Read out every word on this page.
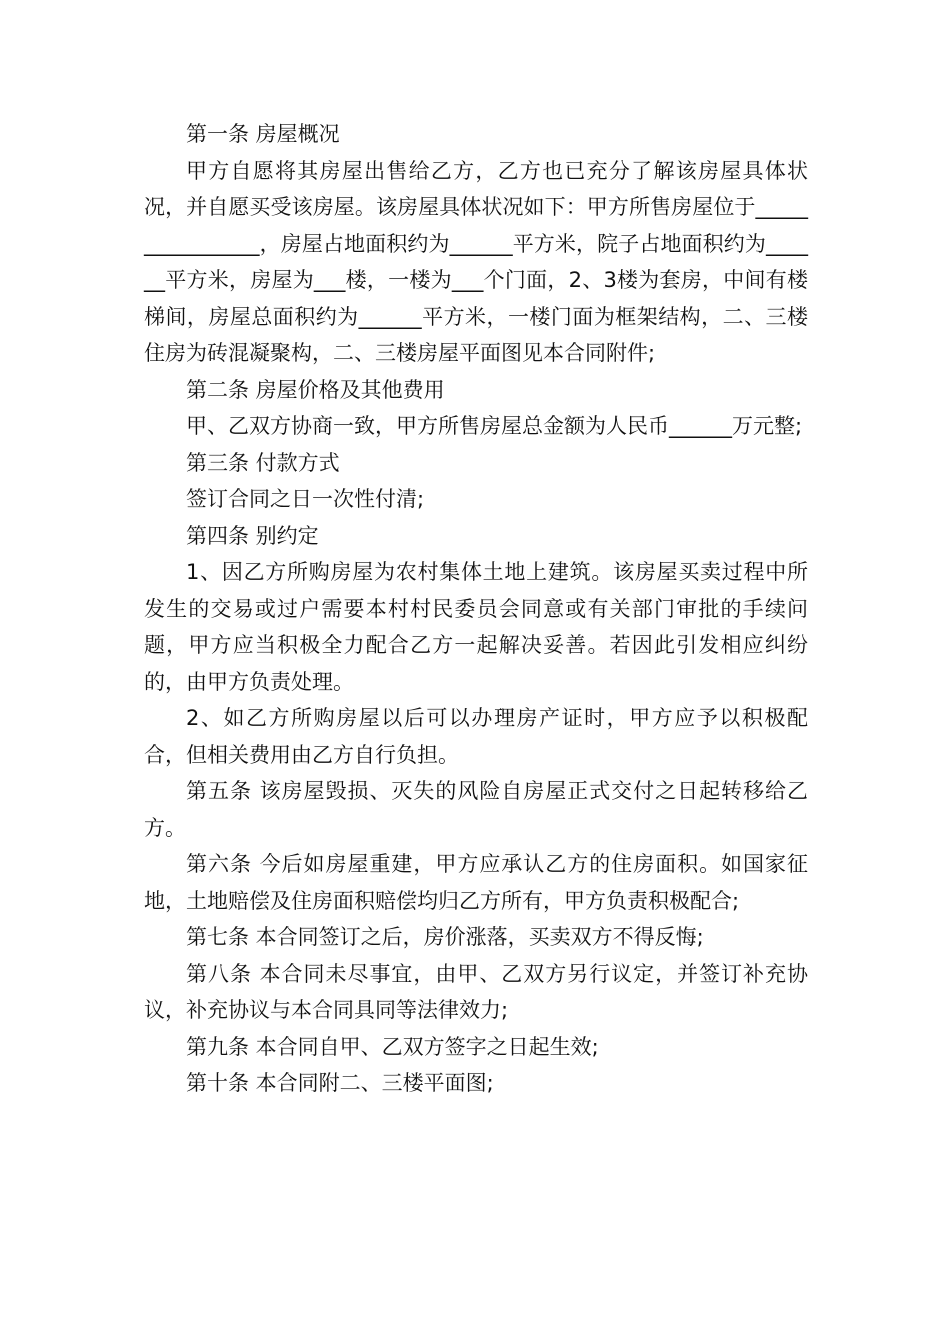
第一条 房屋概况

甲方自愿将其房屋出售给乙方，乙方也已充分了解该房屋具体状况，并自愿买受该房屋。该房屋具体状况如下：甲方所售房屋位于________________，房屋占地面积约为______平方米，院子占地面积约为______平方米，房屋为___楼，一楼为___个门面，2、3楼为套房，中间有楼梯间，房屋总面积约为______平方米，一楼门面为框架结构，二、三楼住房为砖混凝聚构，二、三楼房屋平面图见本合同附件;

第二条 房屋价格及其他费用

甲、乙双方协商一致，甲方所售房屋总金额为人民币______万元整;

第三条 付款方式

签订合同之日一次性付清;

第四条 别约定

1、因乙方所购房屋为农村集体土地上建筑。该房屋买卖过程中所发生的交易或过户需要本村村民委员会同意或有关部门审批的手续问题，甲方应当积极全力配合乙方一起解决妥善。若因此引发相应纠纷的，由甲方负责处理。

2、如乙方所购房屋以后可以办理房产证时，甲方应予以积极配合，但相关费用由乙方自行负担。

第五条 该房屋毁损、灭失的风险自房屋正式交付之日起转移给乙方。

第六条 今后如房屋重建，甲方应承认乙方的住房面积。如国家征地，土地赔偿及住房面积赔偿均归乙方所有，甲方负责积极配合;

第七条 本合同签订之后，房价涨落，买卖双方不得反悔;

第八条 本合同未尽事宜，由甲、乙双方另行议定，并签订补充协议，补充协议与本合同具同等法律效力;

第九条 本合同自甲、乙双方签字之日起生效;

第十条 本合同附二、三楼平面图;
